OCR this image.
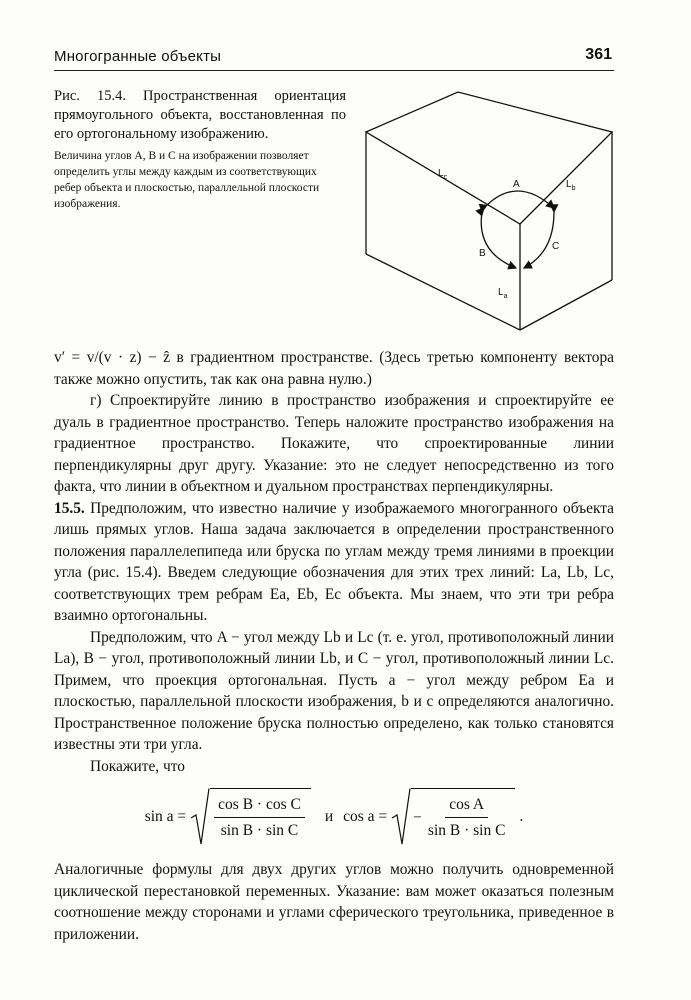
Многогранные объекты	361

Рис. 15.4. Пространственная ориентация прямоугольного объекта, восстановленная по его ортогональному изображению.

Величина углов A, B и C на изображении позволяет определить углы между каждым из соответствующих ребер объекта и плоскостью, параллельной плоскости изображения.

$L_c$
$L_b$
$L_a$
A
B
C

v′ = v/(v · z) − ẑ в градиентном пространстве. (Здесь третью компоненту вектора также можно опустить, так как она равна нулю.)

г) Спроектируйте линию в пространство изображения и спроектируйте ее дуаль в градиентное пространство. Теперь наложите пространство изображения на градиентное пространство. Покажите, что спроектированные линии перпендикулярны друг другу. Указание: это не следует непосредственно из того факта, что линии в объектном и дуальном пространствах перпендикулярны.

15.5. Предположим, что известно наличие у изображаемого многогранного объекта лишь прямых углов. Наша задача заключается в определении пространственного положения параллелепипеда или бруска по углам между тремя линиями в проекции угла (рис. 15.4). Введем следующие обозначения для этих трех линий: La, Lb, Lc, соответствующих трем ребрам Ea, Eb, Ec объекта. Мы знаем, что эти три ребра взаимно ортогональны.

Предположим, что A − угол между Lb и Lc (т. е. угол, противоположный линии La), B − угол, противоположный линии Lb, и C − угол, противоположный линии Lc. Примем, что проекция ортогональная. Пусть a − угол между ребром Ea и плоскостью, параллельной плоскости изображения, b и c определяются аналогично. Пространственное положение бруска полностью определено, как только становятся известны эти три угла.

Покажите, что

$\sin a = \frac{\text{cos B · cos C}}{\text{sin B · sin C}}$ и cos a = − $\frac{\text{cos A}}{\text{sin B · sin C}}$ .

Аналогичные формулы для двух других углов можно получить одновременной циклической перестановкой переменных. Указание: вам может оказаться полезным соотношение между сторонами и углами сферического треугольника, приведенное в приложении.
